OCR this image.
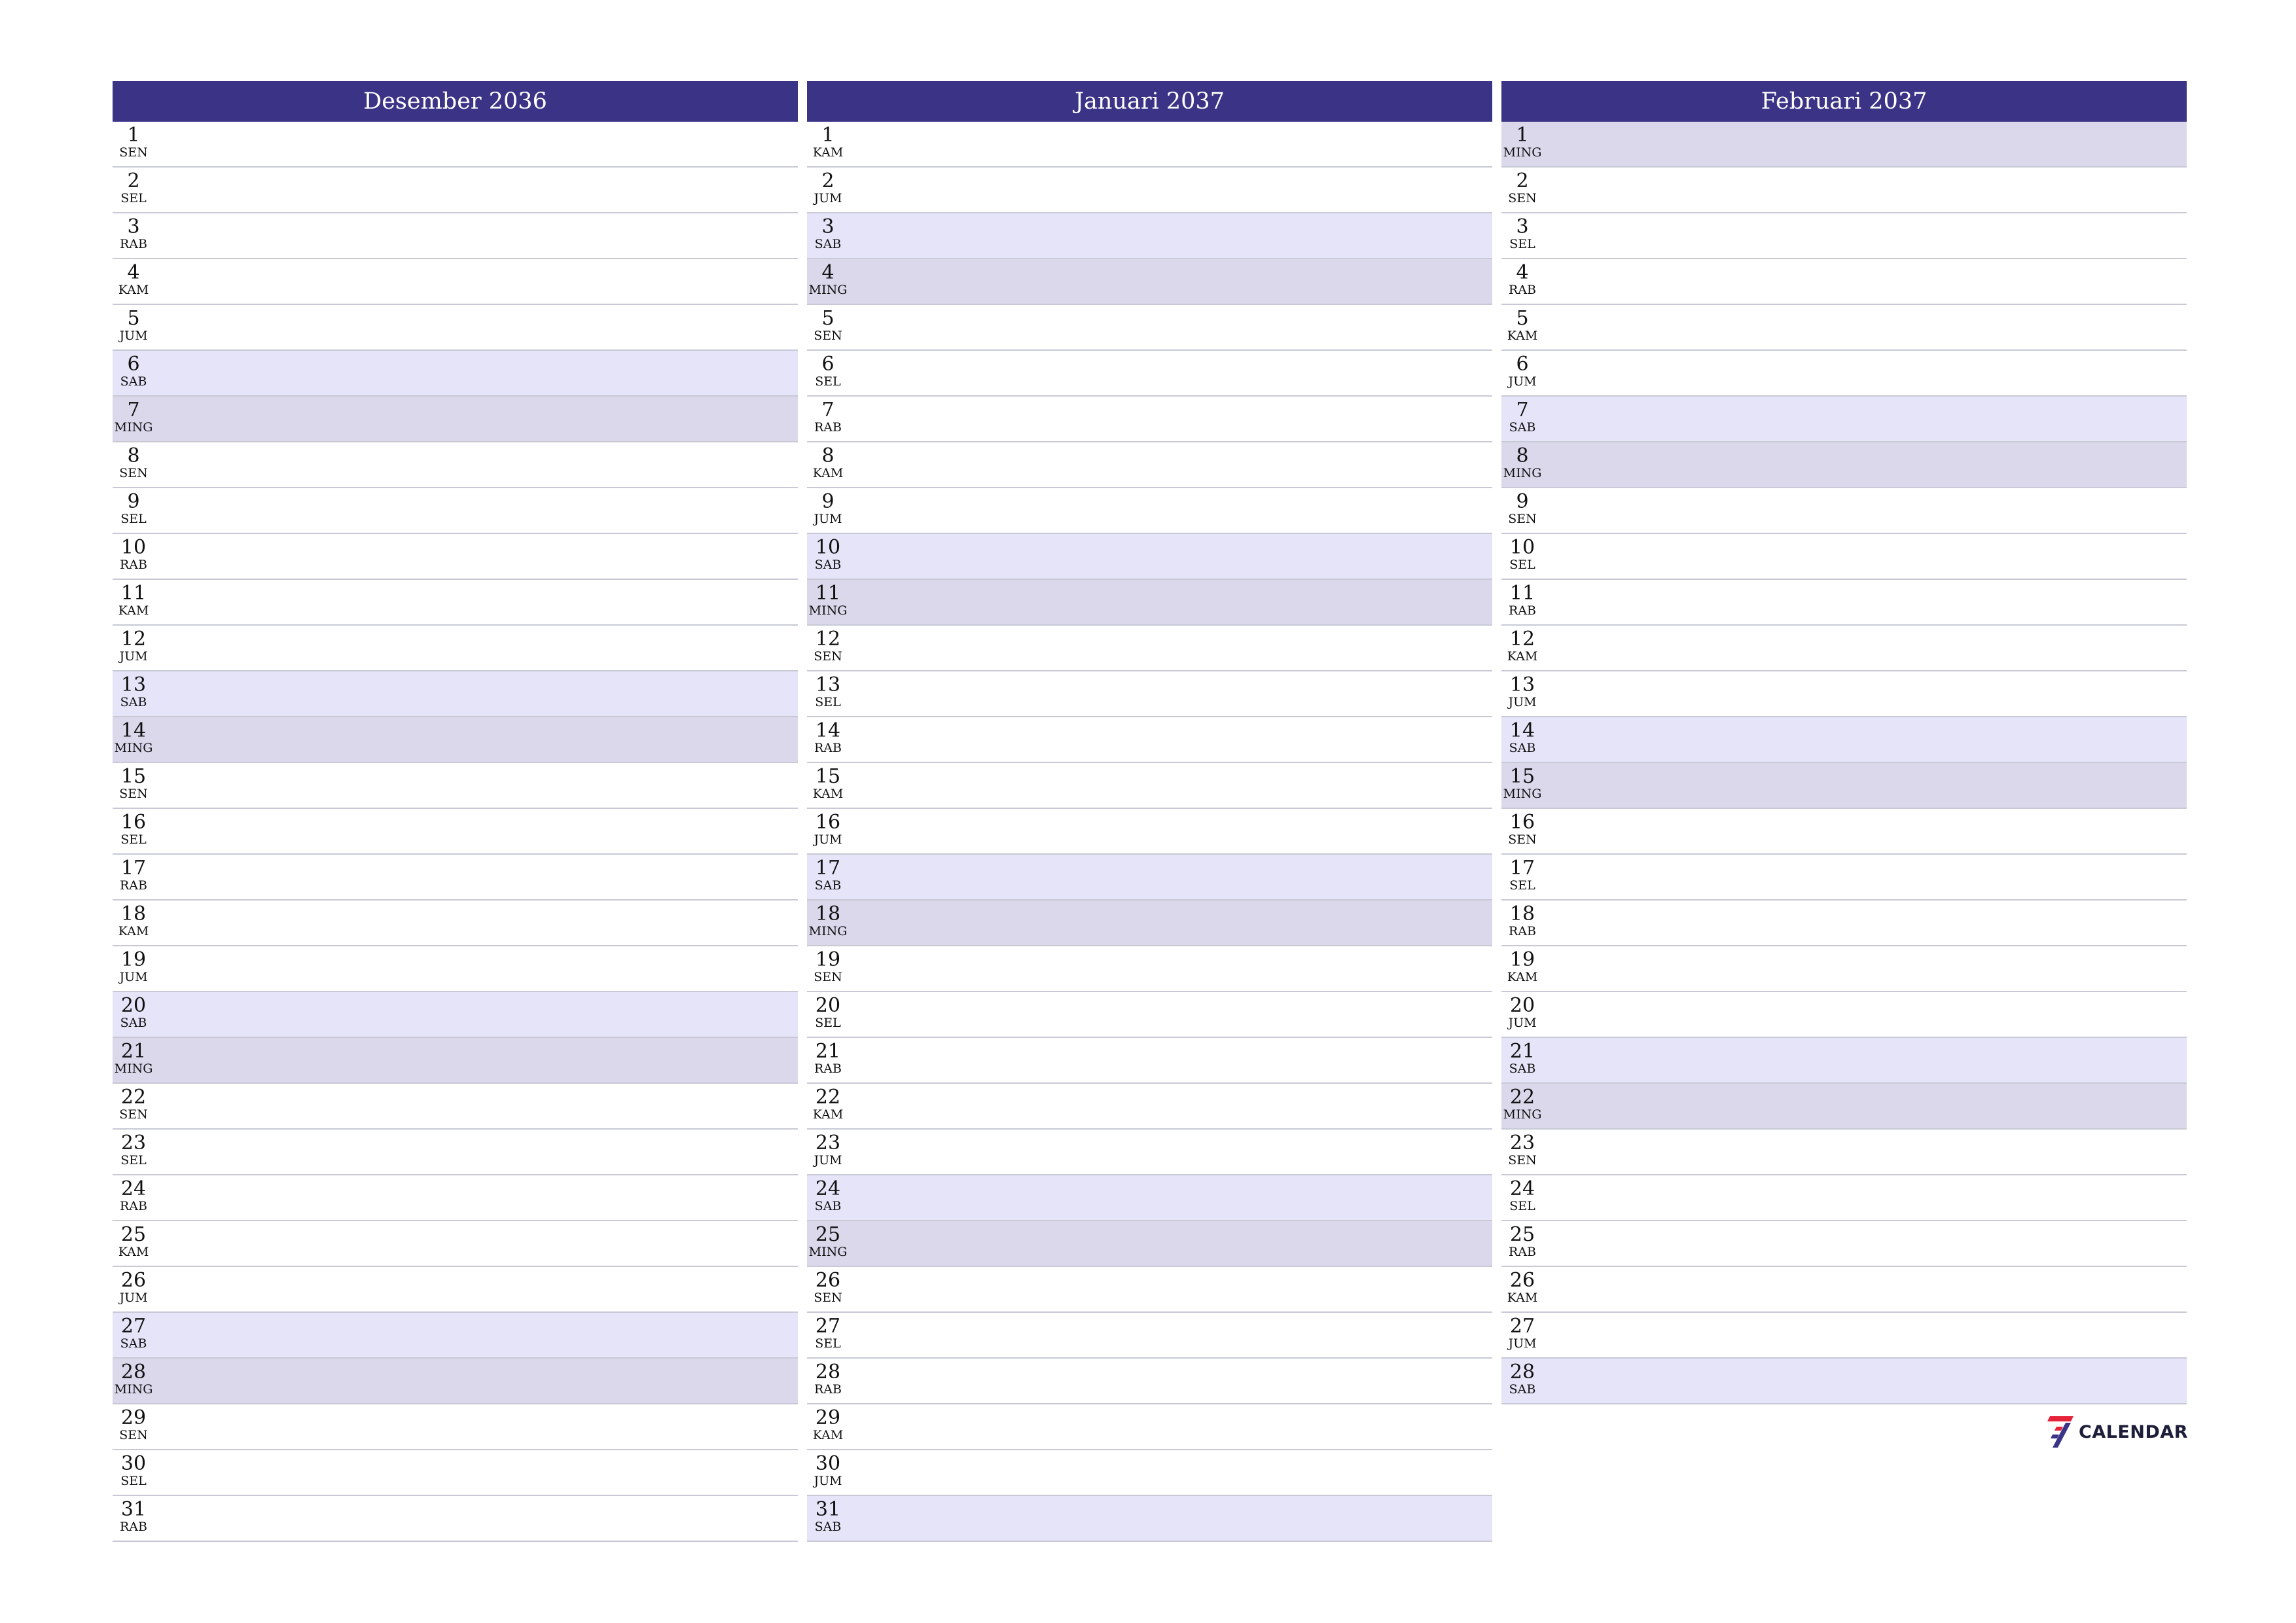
Desember 2036
1
SEN
2
SEL
3
RAB
4
KAM
5
JUM
6
SAB
7
MING
8
SEN
9
SEL
10
RAB
11
KAM
12
JUM
13
SAB
14
MING
15
SEN
16
SEL
17
RAB
18
KAM
19
JUM
20
SAB
21
MING
22
SEN
23
SEL
24
RAB
25
KAM
26
JUM
27
SAB
28
MING
29
SEN
30
SEL
31
RAB
Januari 2037
1
KAM
2
JUM
3
SAB
4
MING
5
SEN
6
SEL
7
RAB
8
KAM
9
JUM
10
SAB
11
MING
12
SEN
13
SEL
14
RAB
15
KAM
16
JUM
17
SAB
18
MING
19
SEN
20
SEL
21
RAB
22
KAM
23
JUM
24
SAB
25
MING
26
SEN
27
SEL
28
RAB
29
KAM
30
JUM
31
SAB
Februari 2037
1
MING
2
SEN
3
SEL
4
RAB
5
KAM
6
JUM
7
SAB
8
MING
9
SEN
10
SEL
11
RAB
12
KAM
13
JUM
14
SAB
15
MING
16
SEN
17
SEL
18
RAB
19
KAM
20
JUM
21
SAB
22
MING
23
SEN
24
SEL
25
RAB
26
KAM
27
JUM
28
SAB
CALENDAR
